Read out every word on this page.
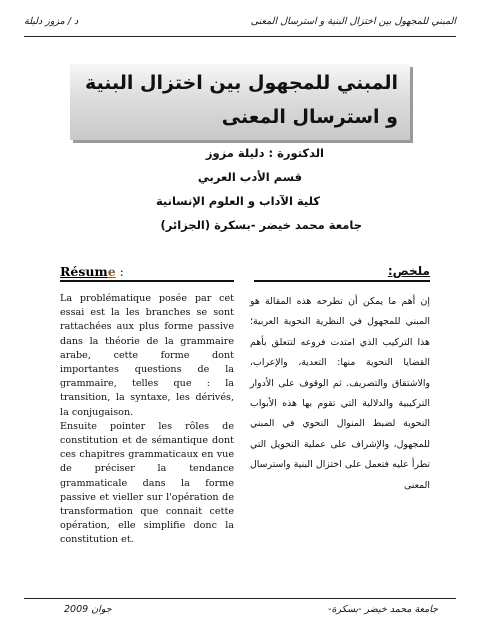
المبني للمجهول بين اختزال البنية و استرسال المعنى
د / مزوز دليلة
المبني للمجهول بين اختزال البنية
و استرسال المعنى
الدكتورة : دليلة مزوز
قسم الأدب العربي
كلية الآداب و العلوم الإنسانية
جامعة محمد خيضر -بسكرة (الجزائر)
Résume :	ملخص:

La problématique posée par cet essai est la les branches se sont rattachées aux plus forme passive dans la théorie de la grammaire arabe, cette forme dont importantes questions de la grammaire, telles que : la transition, la syntaxe, les dérivés, la conjugaison.

Ensuite pointer les rôles de constitution et de sémantique dont ces chapitres grammaticaux en vue de préciser la tendance grammaticale dans la forme passive et vieller sur l'opération de transformation que connait cette opération, elle simplifie donc la constitution et.

إن أهم ما يمكن أن تطرحه هذه المقالة هو المبني للمجهول في النظرية النحوية العربية؛ هذا التركيب الذي امتدت فروعه لتتعلق بأهم القضايا النحوية منها: التعدية، والإعراب، والاشتقاق والتصريف. ثم الوقوف على الأدوار التركيبية والدلالية التي تقوم بها هذه الأبواب النحوية لضبط المنوال النحوي في المبني للمجهول، والإشراف على عملية التحويل التي تطرأ عليه فتعمل على اختزال البنية واسترسال المعنى

جامعة محمد خيضر -بسكرة-
جوان 2009
